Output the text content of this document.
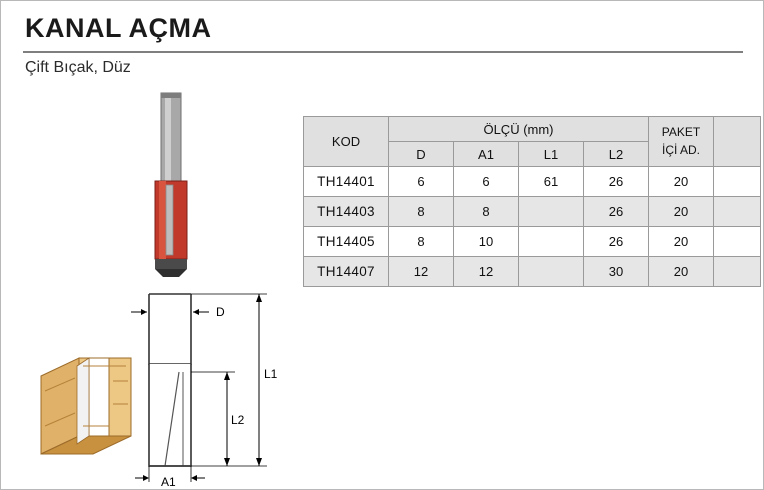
KANAL AÇMA
Çift Bıçak, Düz
D
L1
L2
A1
KOD	ÖLÇÜ (mm)				PAKET
İÇİ AD.	

	D	A1	L1	L2		
TH14401	6	6	61	26	20	
TH14403	8	8		26	20	
TH14405	8	10		26	20	
TH14407	12	12		30	20	
